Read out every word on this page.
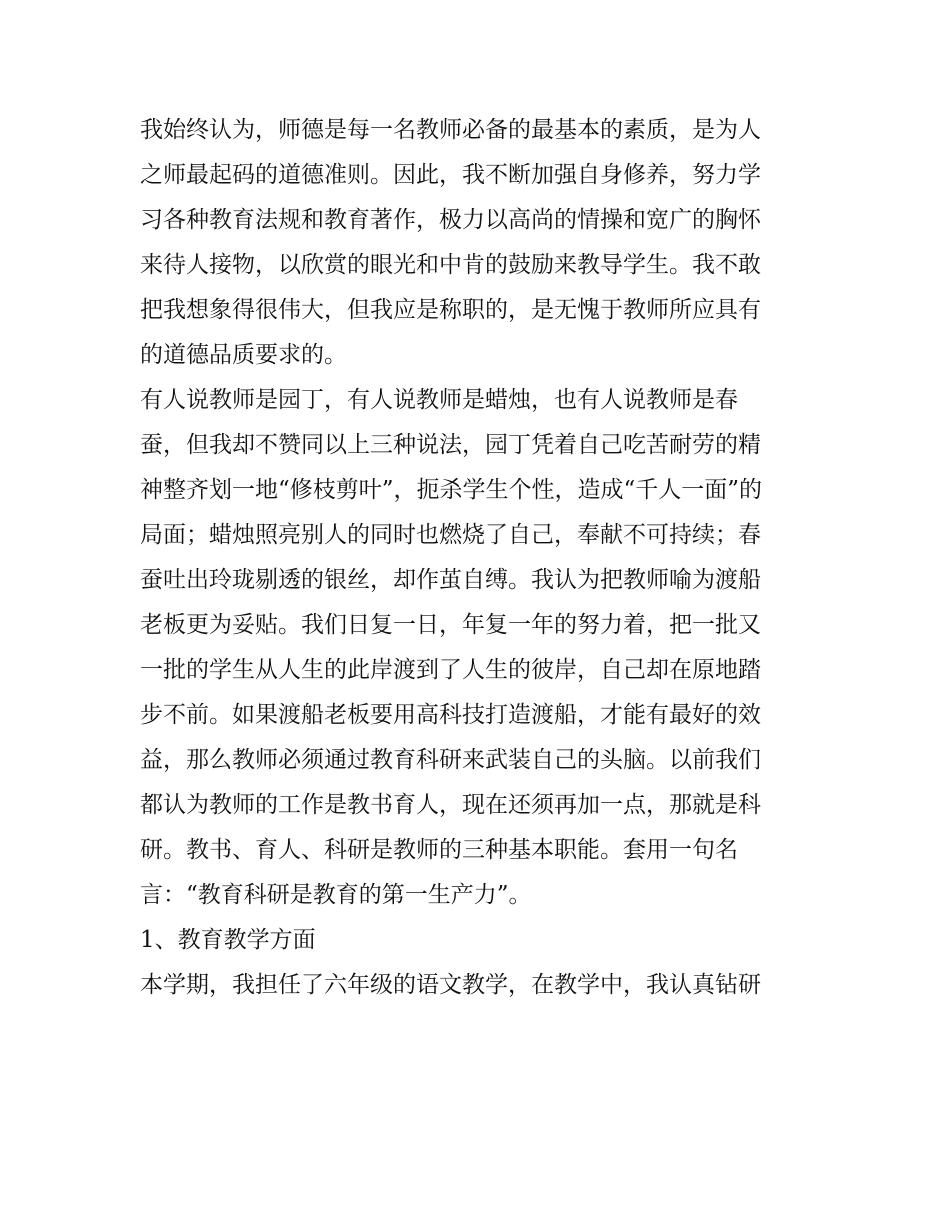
我始终认为，师德是每一名教师必备的最基本的素质，是为人
之师最起码的道德准则。因此，我不断加强自身修养，努力学
习各种教育法规和教育著作，极力以高尚的情操和宽广的胸怀
来待人接物，以欣赏的眼光和中肯的鼓励来教导学生。我不敢
把我想象得很伟大，但我应是称职的，是无愧于教师所应具有
的道德品质要求的。
有人说教师是园丁，有人说教师是蜡烛，也有人说教师是春
蚕，但我却不赞同以上三种说法，园丁凭着自己吃苦耐劳的精
神整齐划一地“修枝剪叶”，扼杀学生个性，造成“千人一面”的
局面；蜡烛照亮别人的同时也燃烧了自己，奉献不可持续；春
蚕吐出玲珑剔透的银丝，却作茧自缚。我认为把教师喻为渡船
老板更为妥贴。我们日复一日，年复一年的努力着，把一批又
一批的学生从人生的此岸渡到了人生的彼岸，自己却在原地踏
步不前。如果渡船老板要用高科技打造渡船，才能有最好的效
益，那么教师必须通过教育科研来武装自己的头脑。以前我们
都认为教师的工作是教书育人，现在还须再加一点，那就是科
研。教书、育人、科研是教师的三种基本职能。套用一句名
言：“教育科研是教育的第一生产力”。
1、教育教学方面
本学期，我担任了六年级的语文教学，在教学中，我认真钻研
